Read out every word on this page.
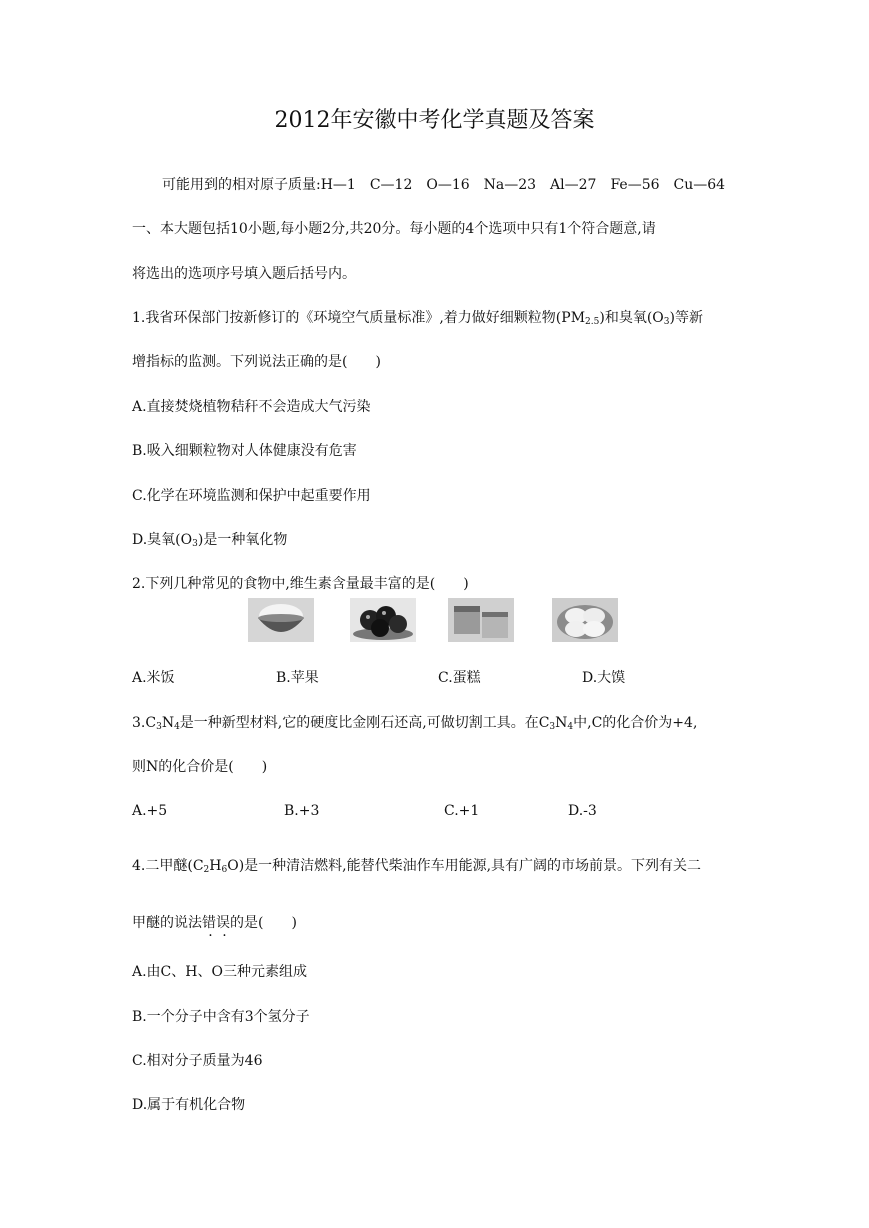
2012年安徽中考化学真题及答案
可能用到的相对原子质量:H—1　C—12　O—16　Na—23　Al—27　Fe—56　Cu—64
一、本大题包括10小题,每小题2分,共20分。每小题的4个选项中只有1个符合题意,请
将选出的选项序号填入题后括号内。
1.我省环保部门按新修订的《环境空气质量标准》,着力做好细颗粒物$(PM_{2.5})$和臭氧$(O_3)$等新
增指标的监测。下列说法正确的是(　　)
A.直接焚烧植物秸秆不会造成大气污染
B.吸入细颗粒物对人体健康没有危害
C.化学在环境监测和保护中起重要作用
D.臭氧$(O_3)$是一种氧化物
2.下列几种常见的食物中,维生素含量最丰富的是(　　)
A.米饭	B.苹果	C.蛋糕	D.大馍
$3.C_3N_4$是一种新型材料,它的硬度比金刚石还高,可做切割工具。在$C_3N_4$中,C的化合价为+4,
则N的化合价是(　　)
A.+5	B.+3	C.+1	D.-3
4.二甲醚$(C_2H_6O)$是一种清洁燃料,能替代柴油作车用能源,具有广阔的市场前景。下列有关二
甲醚的说法错误的是(　　)
A.由C、H、O三种元素组成
B.一个分子中含有3个氢分子
C.相对分子质量为46
D.属于有机化合物
